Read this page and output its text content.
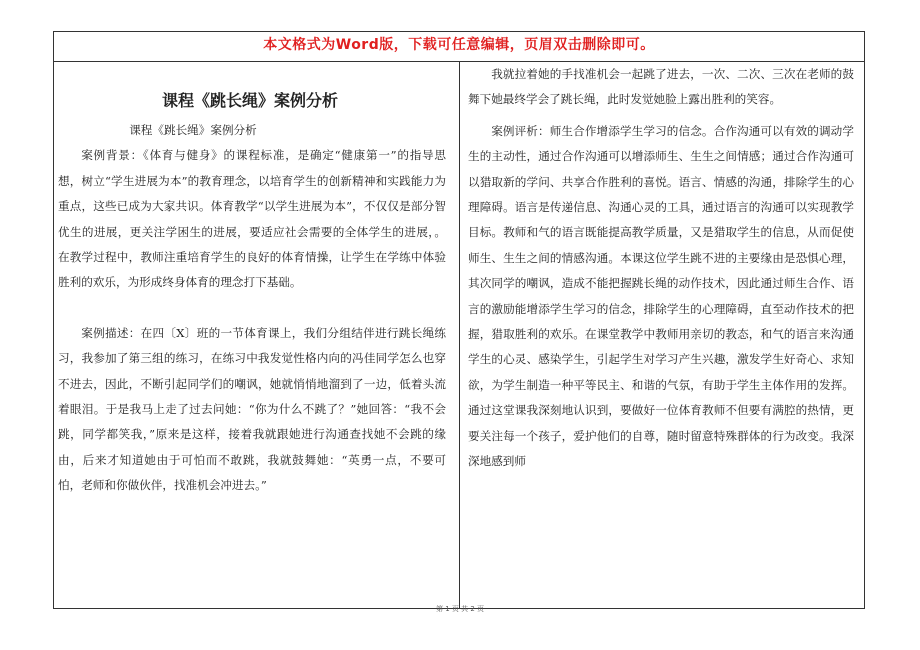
本文格式为Word版，下载可任意编辑，页眉双击删除即可。
课程《跳长绳》案例分析

课程《跳长绳》案例分析

案例背景：《体育与健身》的课程标准，是确定“健康第一”的指导思想，树立“学生进展为本”的教育理念，以培育学生的创新精神和实践能力为重点，这些已成为大家共识。体育教学“以学生进展为本”，不仅仅是部分智优生的进展，更关注学困生的进展，要适应社会需要的全体学生的进展，。在教学过程中，教师注重培育学生的良好的体育情操，让学生在学练中体验胜利的欢乐，为形成终身体育的理念打下基础。

案例描述：在四〔X〕班的一节体育课上，我们分组结伴进行跳长绳练习，我参加了第三组的练习，在练习中我发觉性格内向的冯佳同学怎么也穿不进去，因此，不断引起同学们的嘲讽，她就悄悄地溜到了一边，低着头流着眼泪。于是我马上走了过去问她：“你为什么不跳了？”她回答：“我不会跳，同学都笑我，”原来是这样，接着我就跟她进行沟通查找她不会跳的缘由，后来才知道她由于可怕而不敢跳，我就鼓舞她：“英勇一点，不要可怕，老师和你做伙伴，找准机会冲进去。”

我就拉着她的手找准机会一起跳了进去，一次、二次、三次在老师的鼓舞下她最终学会了跳长绳，此时发觉她脸上露出胜利的笑容。

案例评析：师生合作增添学生学习的信念。合作沟通可以有效的调动学生的主动性，通过合作沟通可以增添师生、生生之间情感；通过合作沟通可以猎取新的学问、共享合作胜利的喜悦。语言、情感的沟通，排除学生的心理障碍。语言是传递信息、沟通心灵的工具，通过语言的沟通可以实现教学目标。教师和气的语言既能提高教学质量，又是猎取学生的信息，从而促使师生、生生之间的情感沟通。本课这位学生跳不进的主要缘由是恐惧心理，其次同学的嘲讽，造成不能把握跳长绳的动作技术，因此通过师生合作、语言的激励能增添学生学习的信念，排除学生的心理障碍，直至动作技术的把握，猎取胜利的欢乐。在课堂教学中教师用亲切的教态，和气的语言来沟通学生的心灵、感染学生，引起学生对学习产生兴趣，激发学生好奇心、求知欲，为学生制造一种平等民主、和谐的气氛，有助于学生主体作用的发挥。通过这堂课我深刻地认识到，要做好一位体育教师不但要有满腔的热情，更要关注每一个孩子，爱护他们的自尊，随时留意特殊群体的行为改变。我深深地感到师

第 1 页 共 2 页
